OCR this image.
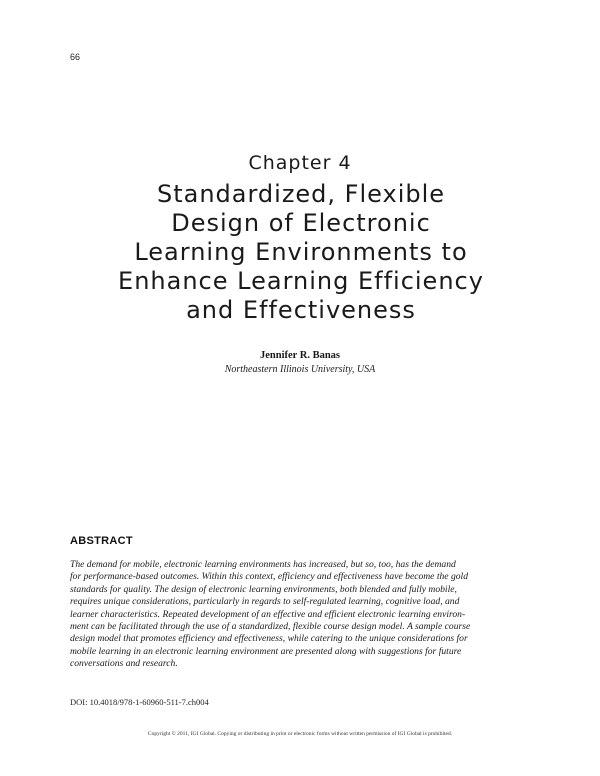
66
Chapter 4
Standardized, Flexible
Design of Electronic
Learning Environments to
Enhance Learning Efficiency
and Effectiveness
Jennifer R. Banas
Northeastern Illinois University, USA
ABSTRACT
The demand for mobile, electronic learning environments has increased, but so, too, has the demand
for performance-based outcomes. Within this context, efficiency and effectiveness have become the gold
standards for quality. The design of electronic learning environments, both blended and fully mobile,
requires unique considerations, particularly in regards to self-regulated learning, cognitive load, and
learner characteristics. Repeated development of an effective and efficient electronic learning environ-
ment can be facilitated through the use of a standardized, flexible course design model. A sample course
design model that promotes efficiency and effectiveness, while catering to the unique considerations for
mobile learning in an electronic learning environment are presented along with suggestions for future
conversations and research.
DOI: 10.4018/978-1-60960-511-7.ch004
Copyright © 2011, IGI Global. Copying or distributing in print or electronic forms without written permission of IGI Global is prohibited.
